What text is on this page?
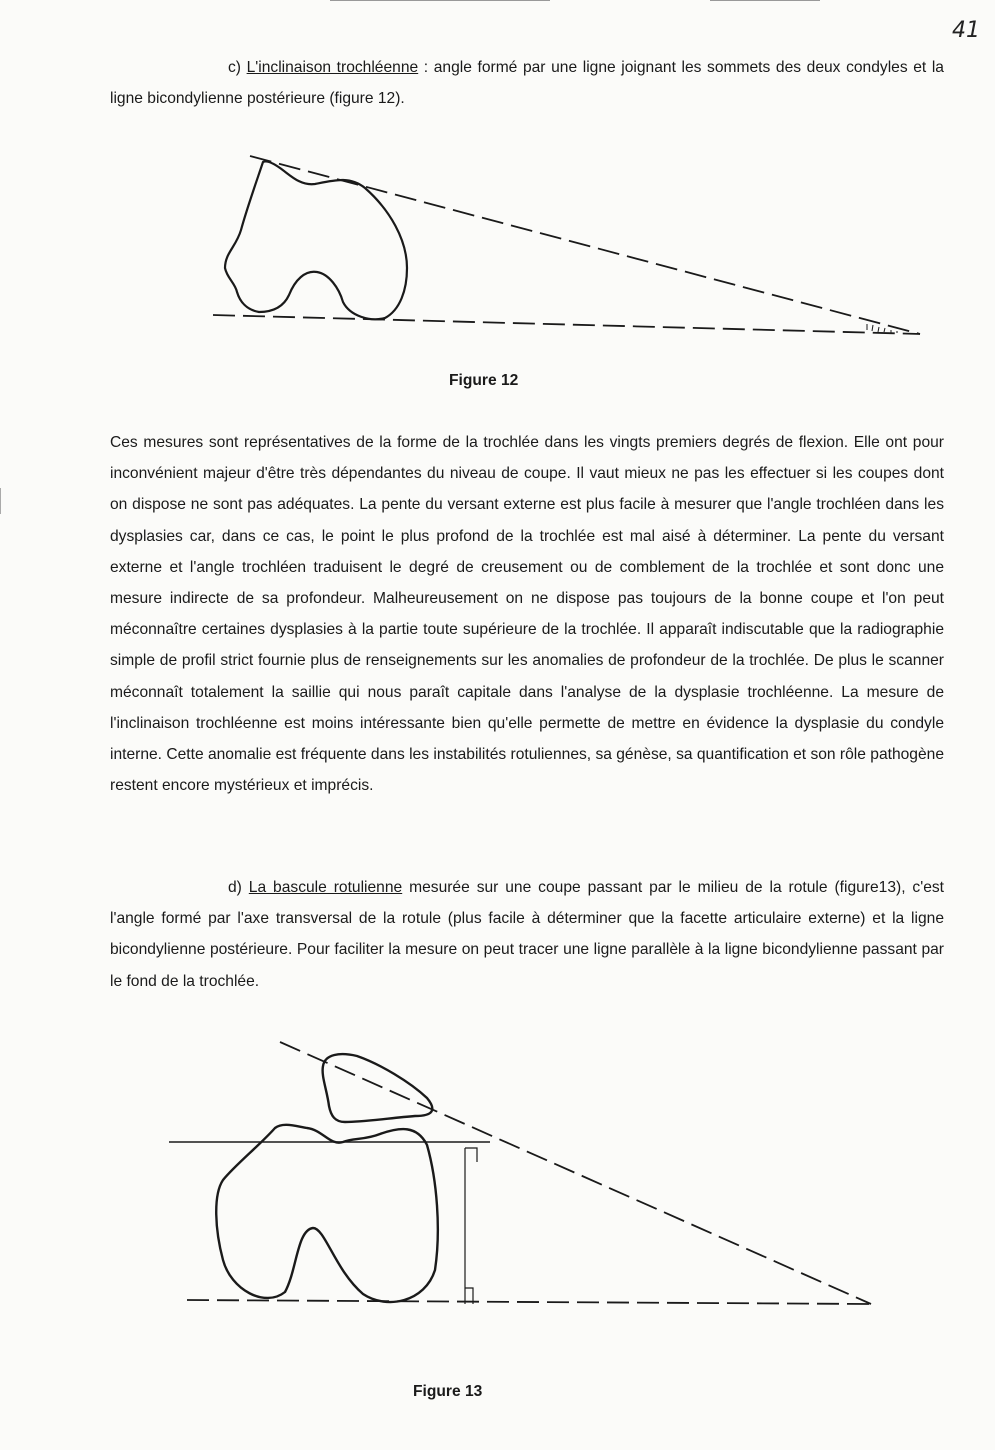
41

c) L'inclinaison trochléenne : angle formé par une ligne joignant les sommets des deux condyles et la ligne bicondylienne postérieure (figure 12).

Figure 12

Ces mesures sont représentatives de la forme de la trochlée dans les vingts premiers degrés de flexion. Elle ont pour inconvénient majeur d'être très dépendantes du niveau de coupe. Il vaut mieux ne pas les effectuer si les coupes dont on dispose ne sont pas adéquates. La pente du versant externe est plus facile à mesurer que l'angle trochléen dans les dysplasies car, dans ce cas, le point le plus profond de la trochlée est mal aisé à déterminer. La pente du versant externe et l'angle trochléen traduisent le degré de creusement ou de comblement de la trochlée et sont donc une mesure indirecte de sa profondeur. Malheureusement on ne dispose pas toujours de la bonne coupe et l'on peut méconnaître certaines dysplasies à la partie toute supérieure de la trochlée. Il apparaît indiscutable que la radiographie simple de profil strict fournie plus de renseignements sur les anomalies de profondeur de la trochlée. De plus le scanner méconnaît totalement la saillie qui nous paraît capitale dans l'analyse de la dysplasie trochléenne. La mesure de l'inclinaison trochléenne est moins intéressante bien qu'elle permette de mettre en évidence la dysplasie du condyle interne. Cette anomalie est fréquente dans les instabilités rotuliennes, sa génèse, sa quantification et son rôle pathogène restent encore mystérieux et imprécis.

d) La bascule rotulienne mesurée sur une coupe passant par le milieu de la rotule (figure13), c'est l'angle formé par l'axe transversal de la rotule (plus facile à déterminer que la facette articulaire externe) et la ligne bicondylienne postérieure. Pour faciliter la mesure on peut tracer une ligne parallèle à la ligne bicondylienne passant par le fond de la trochlée.

Figure 13
